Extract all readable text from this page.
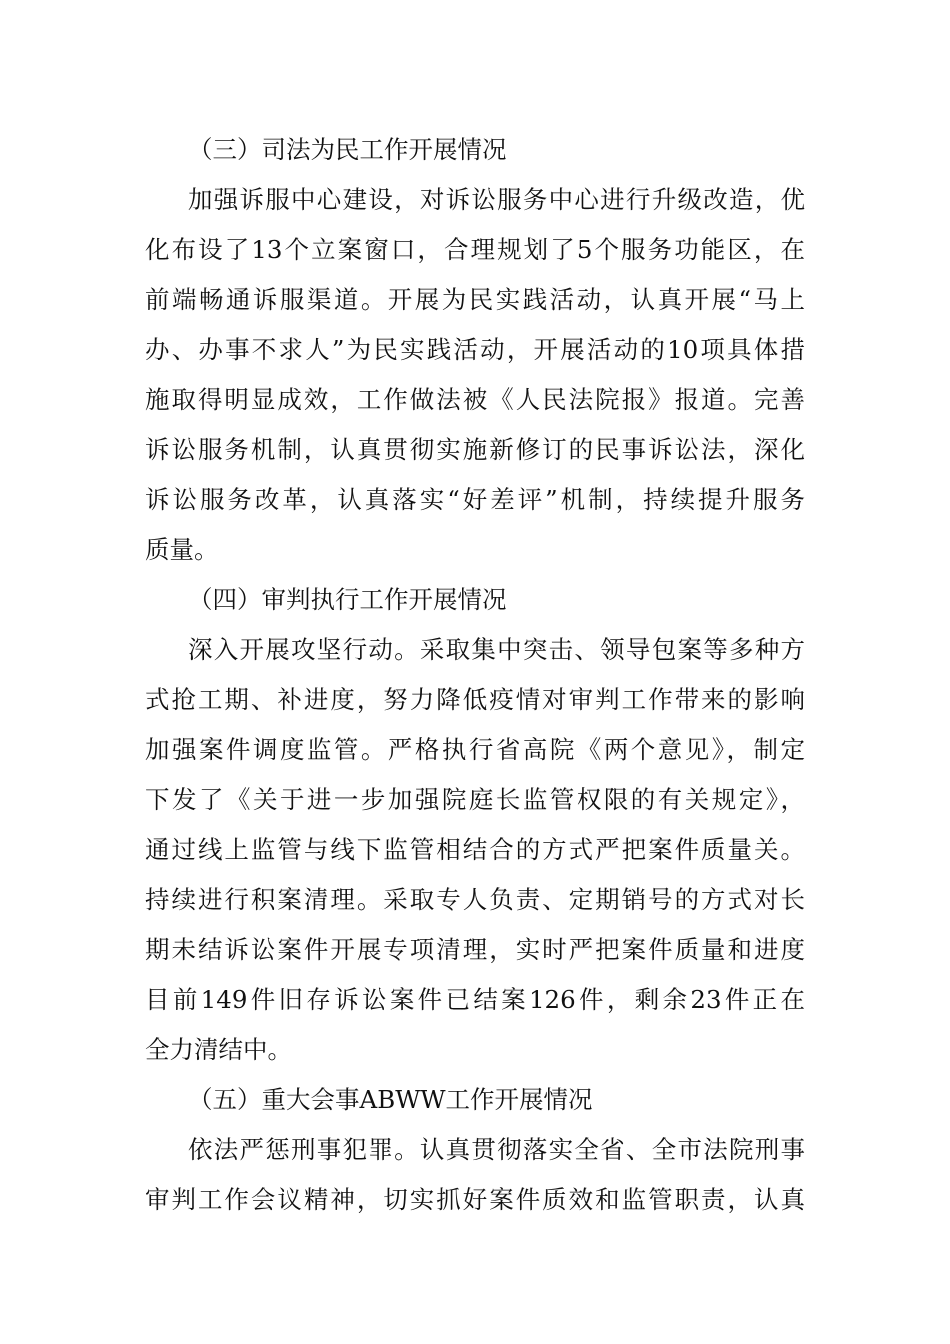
（三）司法为民工作开展情况
加强诉服中心建设，对诉讼服务中心进行升级改造，优
化布设了13个立案窗口，合理规划了5个服务功能区，在
前端畅通诉服渠道。开展为民实践活动，认真开展“马上
办、办事不求人”为民实践活动，开展活动的10项具体措
施取得明显成效，工作做法被《人民法院报》报道。完善
诉讼服务机制，认真贯彻实施新修订的民事诉讼法，深化
诉讼服务改革，认真落实“好差评”机制，持续提升服务
质量。
（四）审判执行工作开展情况
深入开展攻坚行动。采取集中突击、领导包案等多种方
式抢工期、补进度，努力降低疫情对审判工作带来的影响
加强案件调度监管。严格执行省高院《两个意见》，制定
下发了《关于进一步加强院庭长监管权限的有关规定》，
通过线上监管与线下监管相结合的方式严把案件质量关。
持续进行积案清理。采取专人负责、定期销号的方式对长
期未结诉讼案件开展专项清理，实时严把案件质量和进度
目前149件旧存诉讼案件已结案126件，剩余23件正在
全力清结中。
（五）重大会事ABWW工作开展情况
依法严惩刑事犯罪。认真贯彻落实全省、全市法院刑事
审判工作会议精神，切实抓好案件质效和监管职责，认真
